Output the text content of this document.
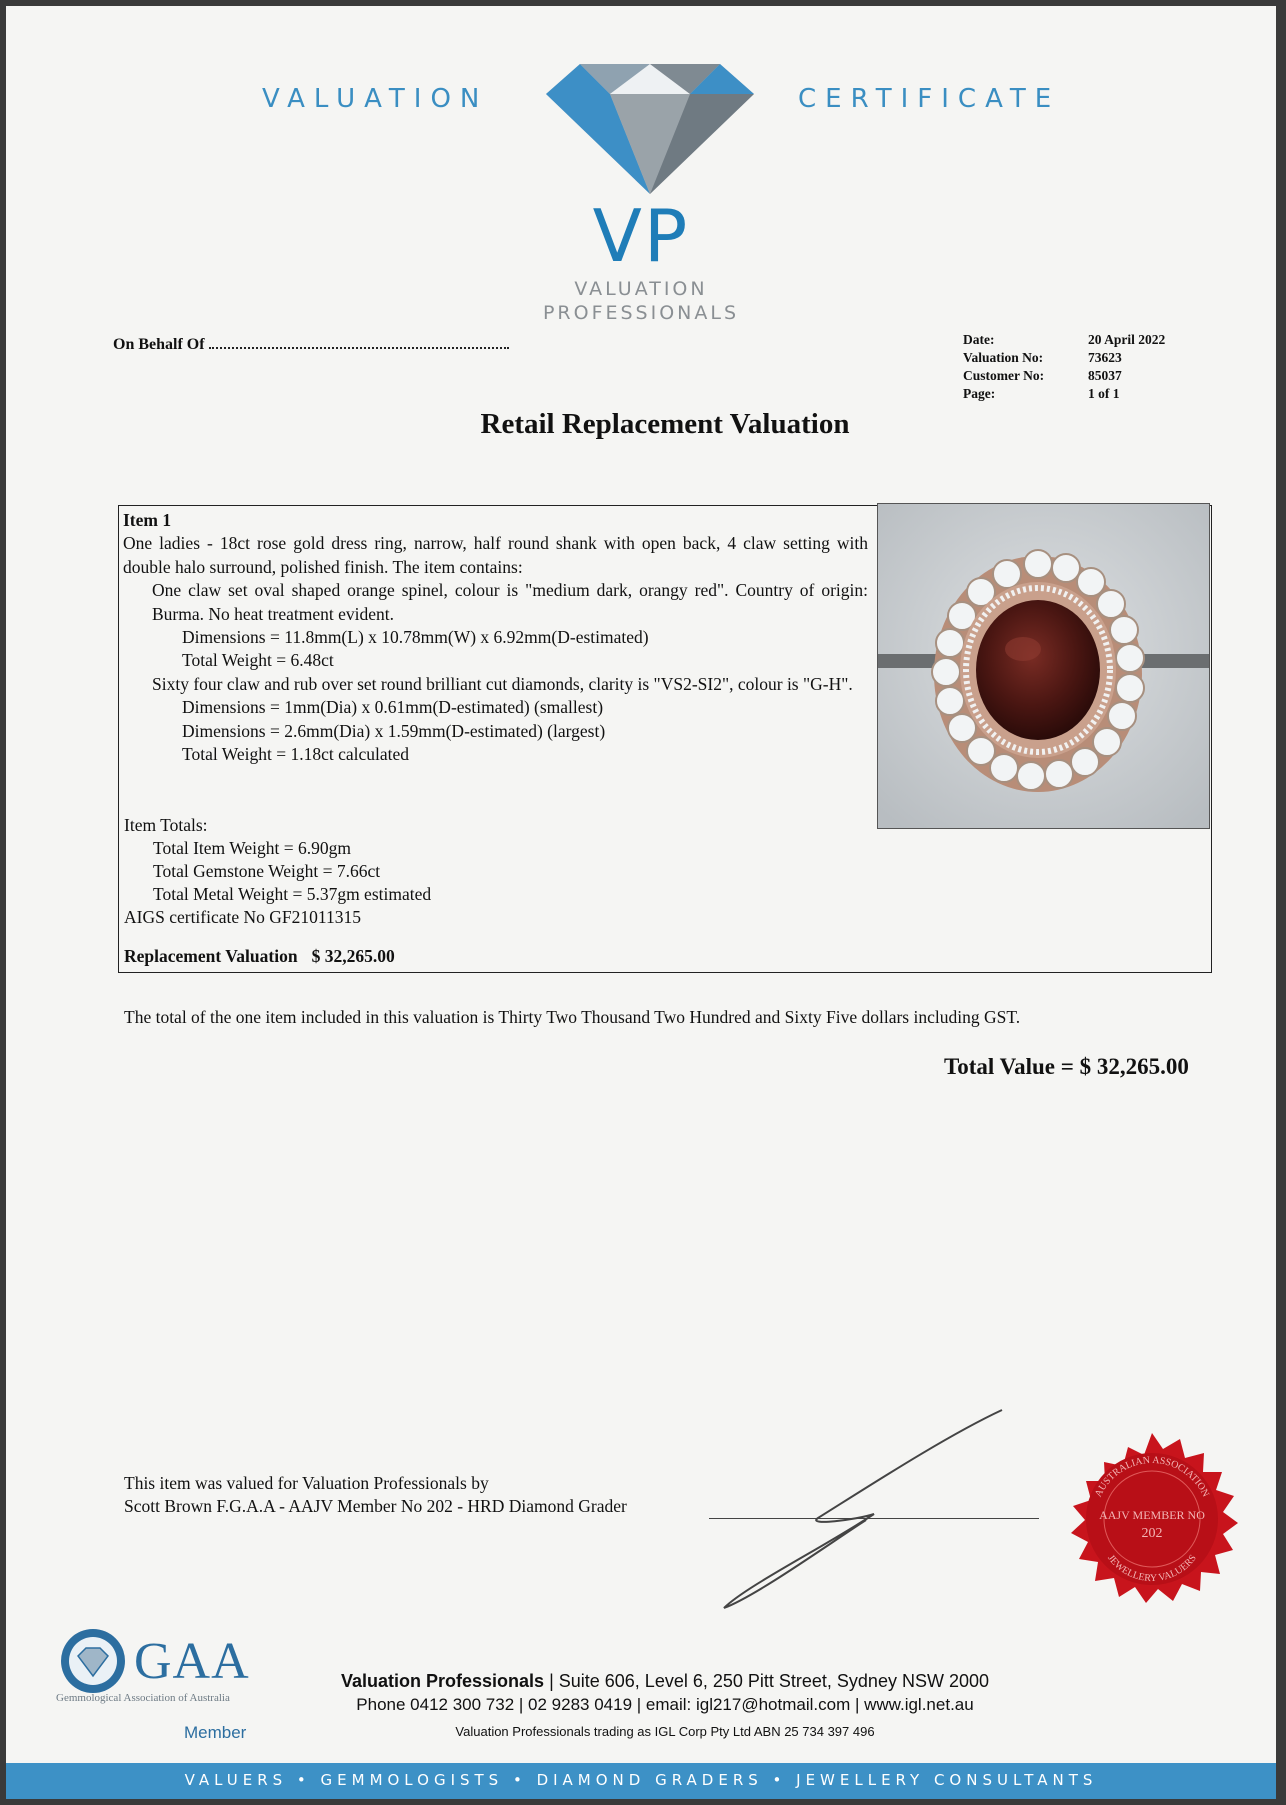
VALUATION	CERTIFICATE
VP
VALUATION
PROFESSIONALS
On Behalf Of	Date:	20 April 2022
Valuation No:	73623
Customer No:	85037
Page:	1 of 1
Retail Replacement Valuation
Item 1
One ladies - 18ct rose gold dress ring, narrow, half round shank with open back, 4 claw setting with double halo surround, polished finish. The item contains:
One claw set oval shaped orange spinel, colour is "medium dark, orangy red". Country of origin: Burma. No heat treatment evident.
Dimensions = 11.8mm(L) x 10.78mm(W) x 6.92mm(D-estimated)
Total Weight = 6.48ct
Sixty four claw and rub over set round brilliant cut diamonds, clarity is "VS2-SI2", colour is "G-H".
Dimensions = 1mm(Dia) x 0.61mm(D-estimated) (smallest)
Dimensions = 2.6mm(Dia) x 1.59mm(D-estimated) (largest)
Total Weight = 1.18ct calculated
Item Totals:
Total Item Weight = 6.90gm
Total Gemstone Weight = 7.66ct
Total Metal Weight = 5.37gm estimated
AIGS certificate No GF21011315
Replacement Valuation $ 32,265.00
The total of the one item included in this valuation is Thirty Two Thousand Two Hundred and Sixty Five dollars including GST.
Total Value = $ 32,265.00
This item was valued for Valuation Professionals by
Scott Brown F.G.A.A - AAJV Member No 202 - HRD Diamond Grader
AUSTRALIAN ASSOCIATION
JEWELLERY VALUERS
AAJV MEMBER NO
202
GAA
Gemmological Association of Australia
Member
Valuation Professionals | Suite 606, Level 6, 250 Pitt Street, Sydney NSW 2000
Phone 0412 300 732 | 02 9283 0419 | email: igl217@hotmail.com | www.igl.net.au
Valuation Professionals trading as IGL Corp Pty Ltd ABN 25 734 397 496
VALUERS • GEMMOLOGISTS • DIAMOND GRADERS • JEWELLERY CONSULTANTS
